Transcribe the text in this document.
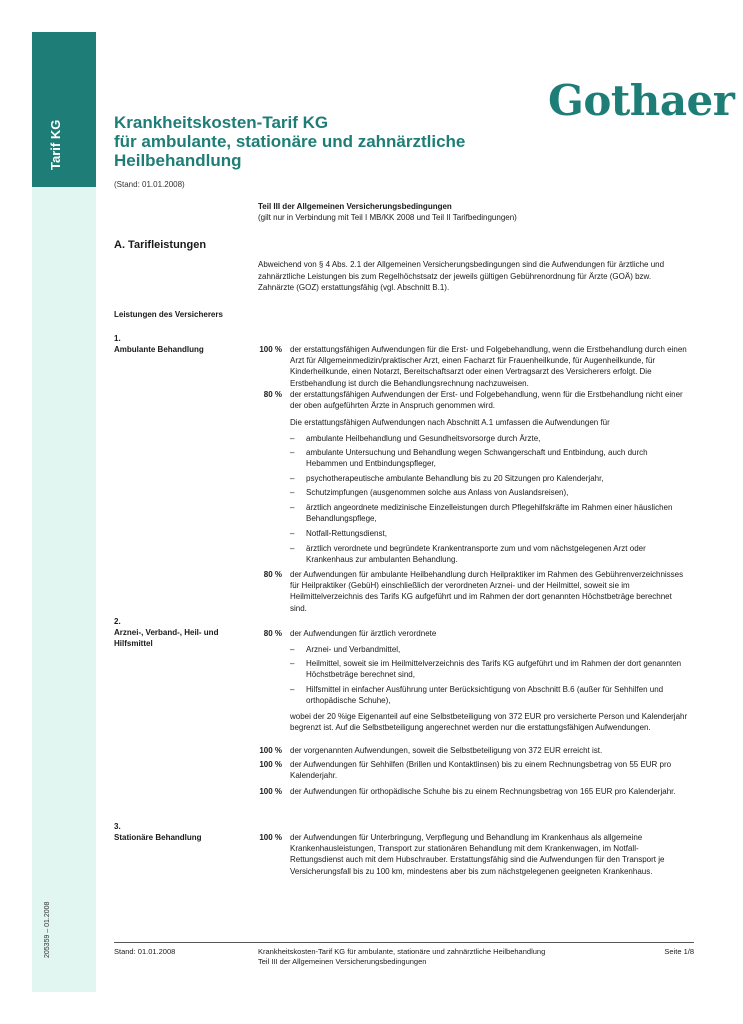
Tarif KG
205359 – 01.2008
Gothaer
Krankheitskosten-Tarif KG
für ambulante, stationäre und zahnärztliche
Heilbehandlung
(Stand: 01.01.2008)
Teil III der Allgemeinen Versicherungsbedingungen
(gilt nur in Verbindung mit Teil I MB/KK 2008 und Teil II Tarifbedingungen)
A. Tarifleistungen
Abweichend von § 4 Abs. 2.1 der Allgemeinen Versicherungsbedingungen sind die Aufwendungen für ärztliche und zahnärztliche Leistungen bis zum Regelhöchstsatz der jeweils gültigen Gebührenordnung für Ärzte (GOÄ) bzw. Zahnärzte (GOZ) erstattungsfähig (vgl. Abschnitt B.1).
Leistungen des Versicherers
1.
Ambulante Behandlung	100 % der erstattungsfähigen Aufwendungen für die Erst- und Folgebehandlung, wenn die Erstbehandlung durch einen Arzt für Allgemeinmedizin/praktischer Arzt, einen Facharzt für Frauenheilkunde, für Augenheilkunde, für Kinderheilkunde, einen Notarzt, Bereitschaftsarzt oder einen Vertragsarzt des Versicherers erfolgt. Die Erstbehandlung ist durch die Behandlungsrechnung nachzuweisen.
80 % der erstattungsfähigen Aufwendungen der Erst- und Folgebehandlung, wenn für die Erstbehandlung nicht einer der oben aufgeführten Ärzte in Anspruch genommen wird.
Die erstattungsfähigen Aufwendungen nach Abschnitt A.1 umfassen die Aufwendungen für
–	ambulante Heilbehandlung und Gesundheitsvorsorge durch Ärzte,
–	ambulante Untersuchung und Behandlung wegen Schwangerschaft und Entbindung, auch durch Hebammen und Entbindungspfleger,
–	psychotherapeutische ambulante Behandlung bis zu 20 Sitzungen pro Kalenderjahr,
–	Schutzimpfungen (ausgenommen solche aus Anlass von Auslandsreisen),
–	ärztlich angeordnete medizinische Einzelleistungen durch Pflegehilfskräfte im Rahmen einer häuslichen Behandlungspflege,
–	Notfall-Rettungsdienst,
–	ärztlich verordnete und begründete Krankentransporte zum und vom nächstgelegenen Arzt oder Krankenhaus zur ambulanten Behandlung.
80 % der Aufwendungen für ambulante Heilbehandlung durch Heilpraktiker im Rahmen des Gebührenverzeichnisses für Heilpraktiker (GebüH) einschließlich der verordneten Arznei- und der Heilmittel, soweit sie im Heilmittelverzeichnis des Tarifs KG aufgeführt und im Rahmen der dort genannten Höchstbeträge berechnet sind.
2.
Arznei-, Verband-, Heil- und Hilfsmittel
80 % der Aufwendungen für ärztlich verordnete
–	Arznei- und Verbandmittel,
–	Heilmittel, soweit sie im Heilmittelverzeichnis des Tarifs KG aufgeführt und im Rahmen der dort genannten Höchstbeträge berechnet sind,
–	Hilfsmittel in einfacher Ausführung unter Berücksichtigung von Abschnitt B.6 (außer für Sehhilfen und orthopädische Schuhe),
wobei der 20 %ige Eigenanteil auf eine Selbstbeteiligung von 372 EUR pro versicherte Person und Kalenderjahr begrenzt ist. Auf die Selbstbeteiligung angerechnet werden nur die erstattungsfähigen Aufwendungen.
100 % der vorgenannten Aufwendungen, soweit die Selbstbeteiligung von 372 EUR erreicht ist.
100 % der Aufwendungen für Sehhilfen (Brillen und Kontaktlinsen) bis zu einem Rechnungsbetrag von 55 EUR pro Kalenderjahr.
100 % der Aufwendungen für orthopädische Schuhe bis zu einem Rechnungsbetrag von 165 EUR pro Kalenderjahr.
3.
Stationäre Behandlung	100 % der Aufwendungen für Unterbringung, Verpflegung und Behandlung im Krankenhaus als allgemeine Krankenhausleistungen, Transport zur stationären Behandlung mit dem Krankenwagen, im Notfall-Rettungsdienst auch mit dem Hubschrauber. Erstattungsfähig sind die Aufwendungen für den Transport je Versicherungsfall bis zu 100 km, mindestens aber bis zum nächstgelegenen geeigneten Krankenhaus.
Stand: 01.01.2008	Krankheitskosten-Tarif KG für ambulante, stationäre und zahnärztliche Heilbehandlung
Teil III der Allgemeinen Versicherungsbedingungen
Seite 1/8
